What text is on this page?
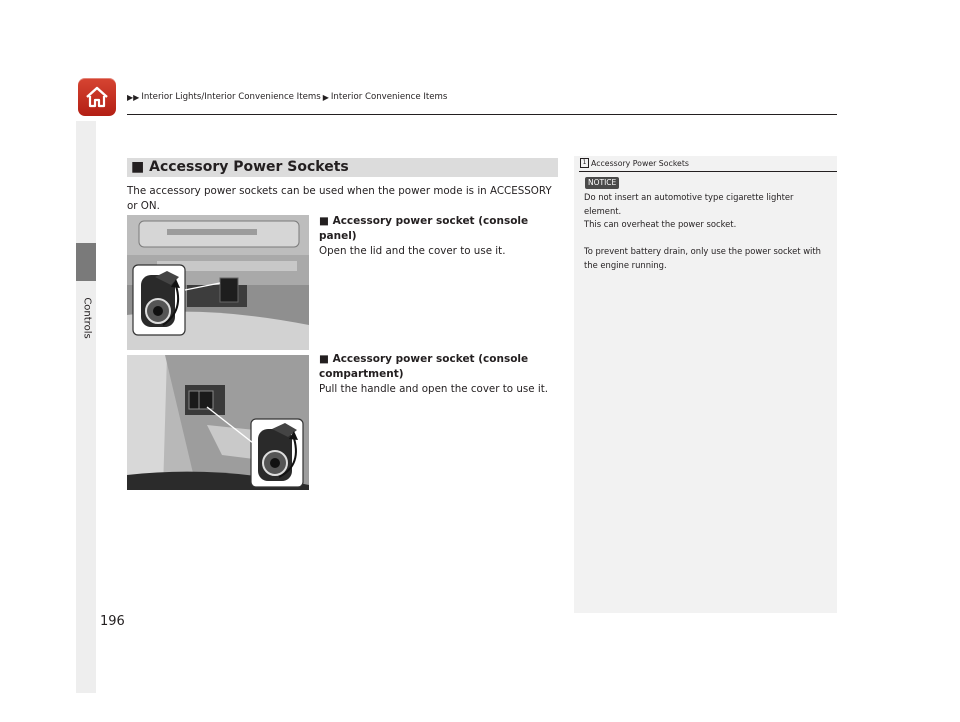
▶▶ Interior Lights/Interior Convenience Items ▶ Interior Convenience Items
Controls
■ Accessory Power Sockets
The accessory power sockets can be used when the power mode is in ACCESSORY or ON.
■ Accessory power socket (console panel)
Open the lid and the cover to use it.
■ Accessory power socket (console compartment)
Pull the handle and open the cover to use it.
1 Accessory Power Sockets
NOTICE
Do not insert an automotive type cigarette lighter element.
This can overheat the power socket.
To prevent battery drain, only use the power socket with the engine running.
196
